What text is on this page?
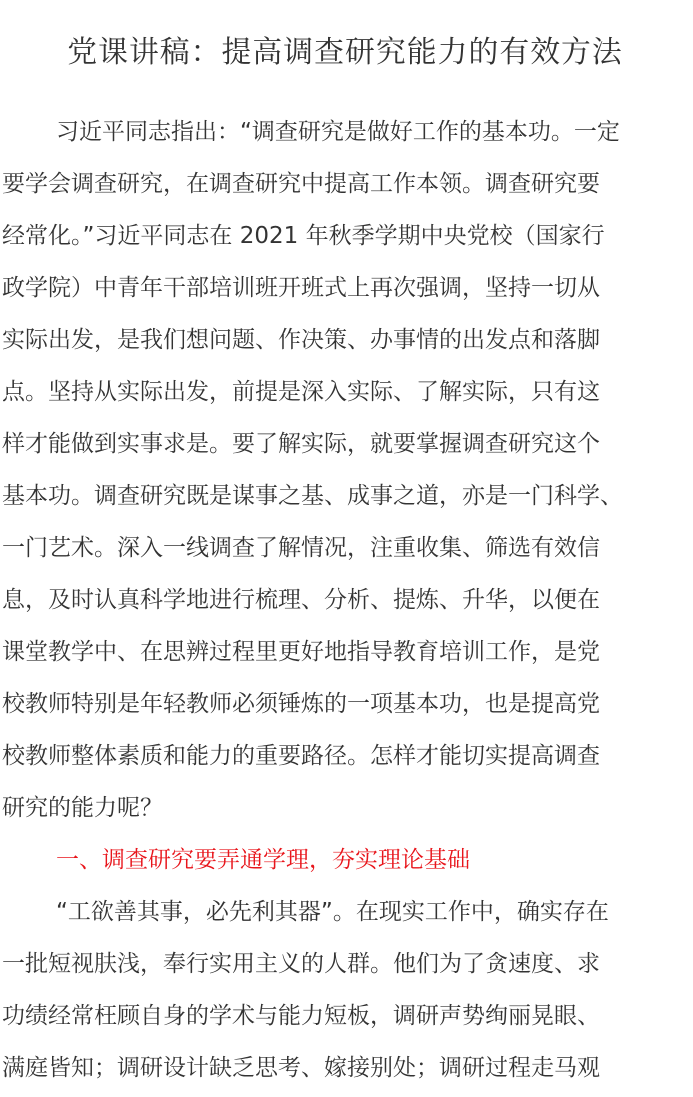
党课讲稿：提高调查研究能力的有效方法
习近平同志指出：“调查研究是做好工作的基本功。一定
要学会调查研究，在调查研究中提高工作本领。调查研究要
经常化。”习近平同志在 2021 年秋季学期中央党校（国家行
政学院）中青年干部培训班开班式上再次强调，坚持一切从
实际出发，是我们想问题、作决策、办事情的出发点和落脚
点。坚持从实际出发，前提是深入实际、了解实际，只有这
样才能做到实事求是。要了解实际，就要掌握调查研究这个
基本功。调查研究既是谋事之基、成事之道，亦是一门科学、
一门艺术。深入一线调查了解情况，注重收集、筛选有效信
息，及时认真科学地进行梳理、分析、提炼、升华，以便在
课堂教学中、在思辨过程里更好地指导教育培训工作，是党
校教师特别是年轻教师必须锤炼的一项基本功，也是提高党
校教师整体素质和能力的重要路径。怎样才能切实提高调查
研究的能力呢？
一、调查研究要弄通学理，夯实理论基础
“工欲善其事，必先利其器”。在现实工作中，确实存在
一批短视肤浅，奉行实用主义的人群。他们为了贪速度、求
功绩经常枉顾自身的学术与能力短板，调研声势绚丽晃眼、
满庭皆知；调研设计缺乏思考、嫁接别处；调研过程走马观
